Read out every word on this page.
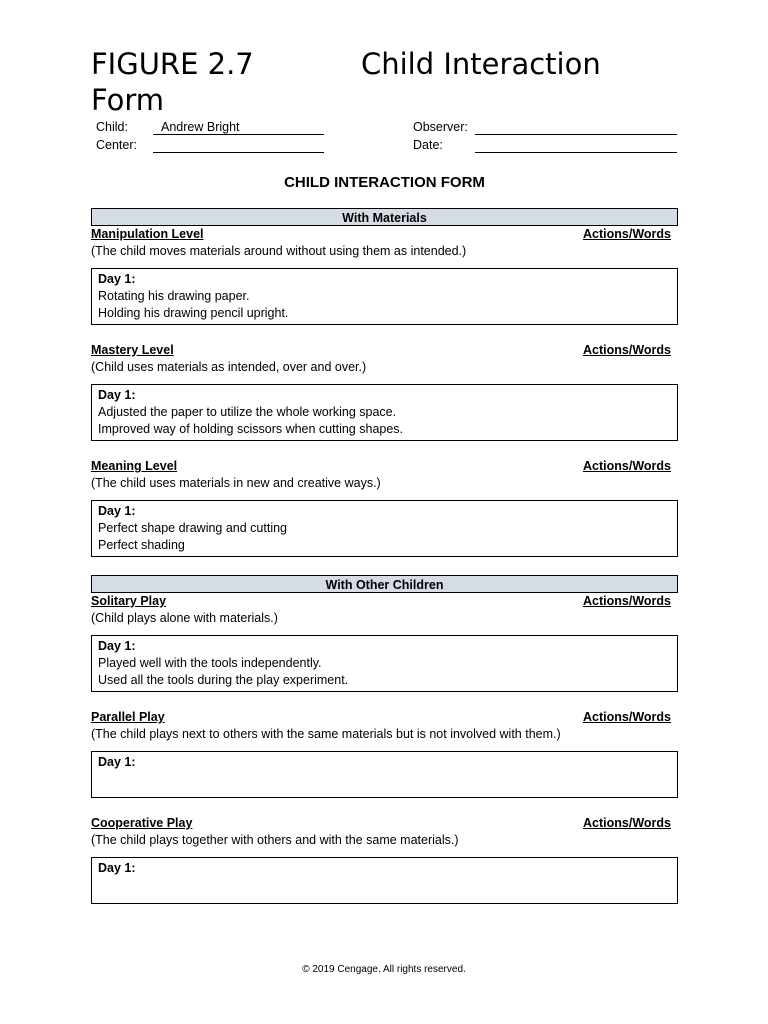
FIGURE 2.7	Child Interaction
Form
Child:	Andrew Bright
Center:
Observer:
Date:
CHILD INTERACTION FORM
With Materials
Manipulation Level	Actions/Words
(The child moves materials around without using them as intended.)
Day 1:
Rotating his drawing paper.
Holding his drawing pencil upright.
Mastery Level	Actions/Words
(Child uses materials as intended, over and over.)
Day 1:
Adjusted the paper to utilize the whole working space.
Improved way of holding scissors when cutting shapes.
Meaning Level	Actions/Words
(The child uses materials in new and creative ways.)
Day 1:
Perfect shape drawing and cutting
Perfect shading
With Other Children
Solitary Play	Actions/Words
(Child plays alone with materials.)
Day 1:
Played well with the tools independently.
Used all the tools during the play experiment.
Parallel Play	Actions/Words
(The child plays next to others with the same materials but is not involved with them.)
Day 1:
Cooperative Play	Actions/Words
(The child plays together with others and with the same materials.)
Day 1:
© 2019 Cengage. All rights reserved.
